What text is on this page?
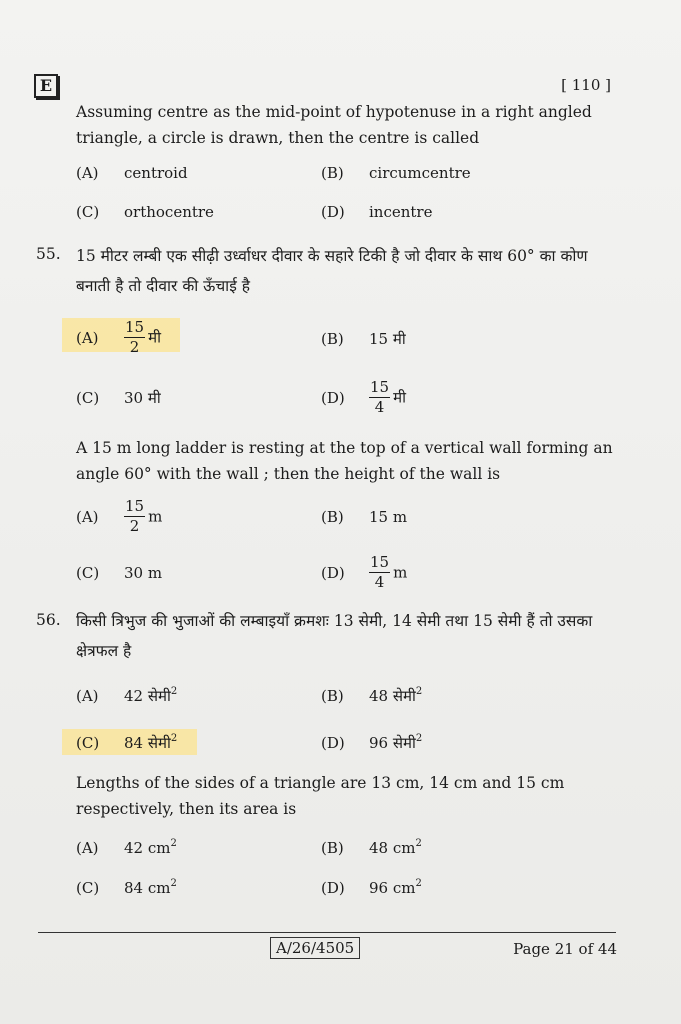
E	[ 110 ]
Assuming centre as the mid-point of hypotenuse in a right angled triangle, a circle is drawn, then the centre is called
(A) centroid	(B) circumcentre
(C) orthocentre	(D) incentre
55. 15 मीटर लम्बी एक सीढ़ी उर्ध्वाधर दीवार के सहारे टिकी है जो दीवार के साथ 60° का कोण बनाती है तो दीवार की ऊँचाई है
$(A) \frac{15}{2}$ मी	(B) 15 मी
(C) 30 मी	$(D) \frac{15}{4}$ मी
A 15 m long ladder is resting at the top of a vertical wall forming an angle 60° with the wall ; then the height of the wall is
$(A) \frac{15}{2}$ m	(B) 15 m
(C) 30 m	$(D) \frac{15}{4}$ m
56. किसी त्रिभुज की भुजाओं की लम्बाइयाँ क्रमशः 13 सेमी, 14 सेमी तथा 15 सेमी हैं तो उसका क्षेत्रफल है
(A) 42 सेमी$^2$	(B) 48 सेमी$^2$
(C) 84 सेमी$^2$	(D) 96 सेमी$^2$
Lengths of the sides of a triangle are 13 cm, 14 cm and 15 cm respectively, then its area is
(A) 42 $cm^2$	(B) 48 $cm^2$
(C) 84 $cm^2$	(D) 96 $cm^2$
A/26/4505	Page 21 of 44
